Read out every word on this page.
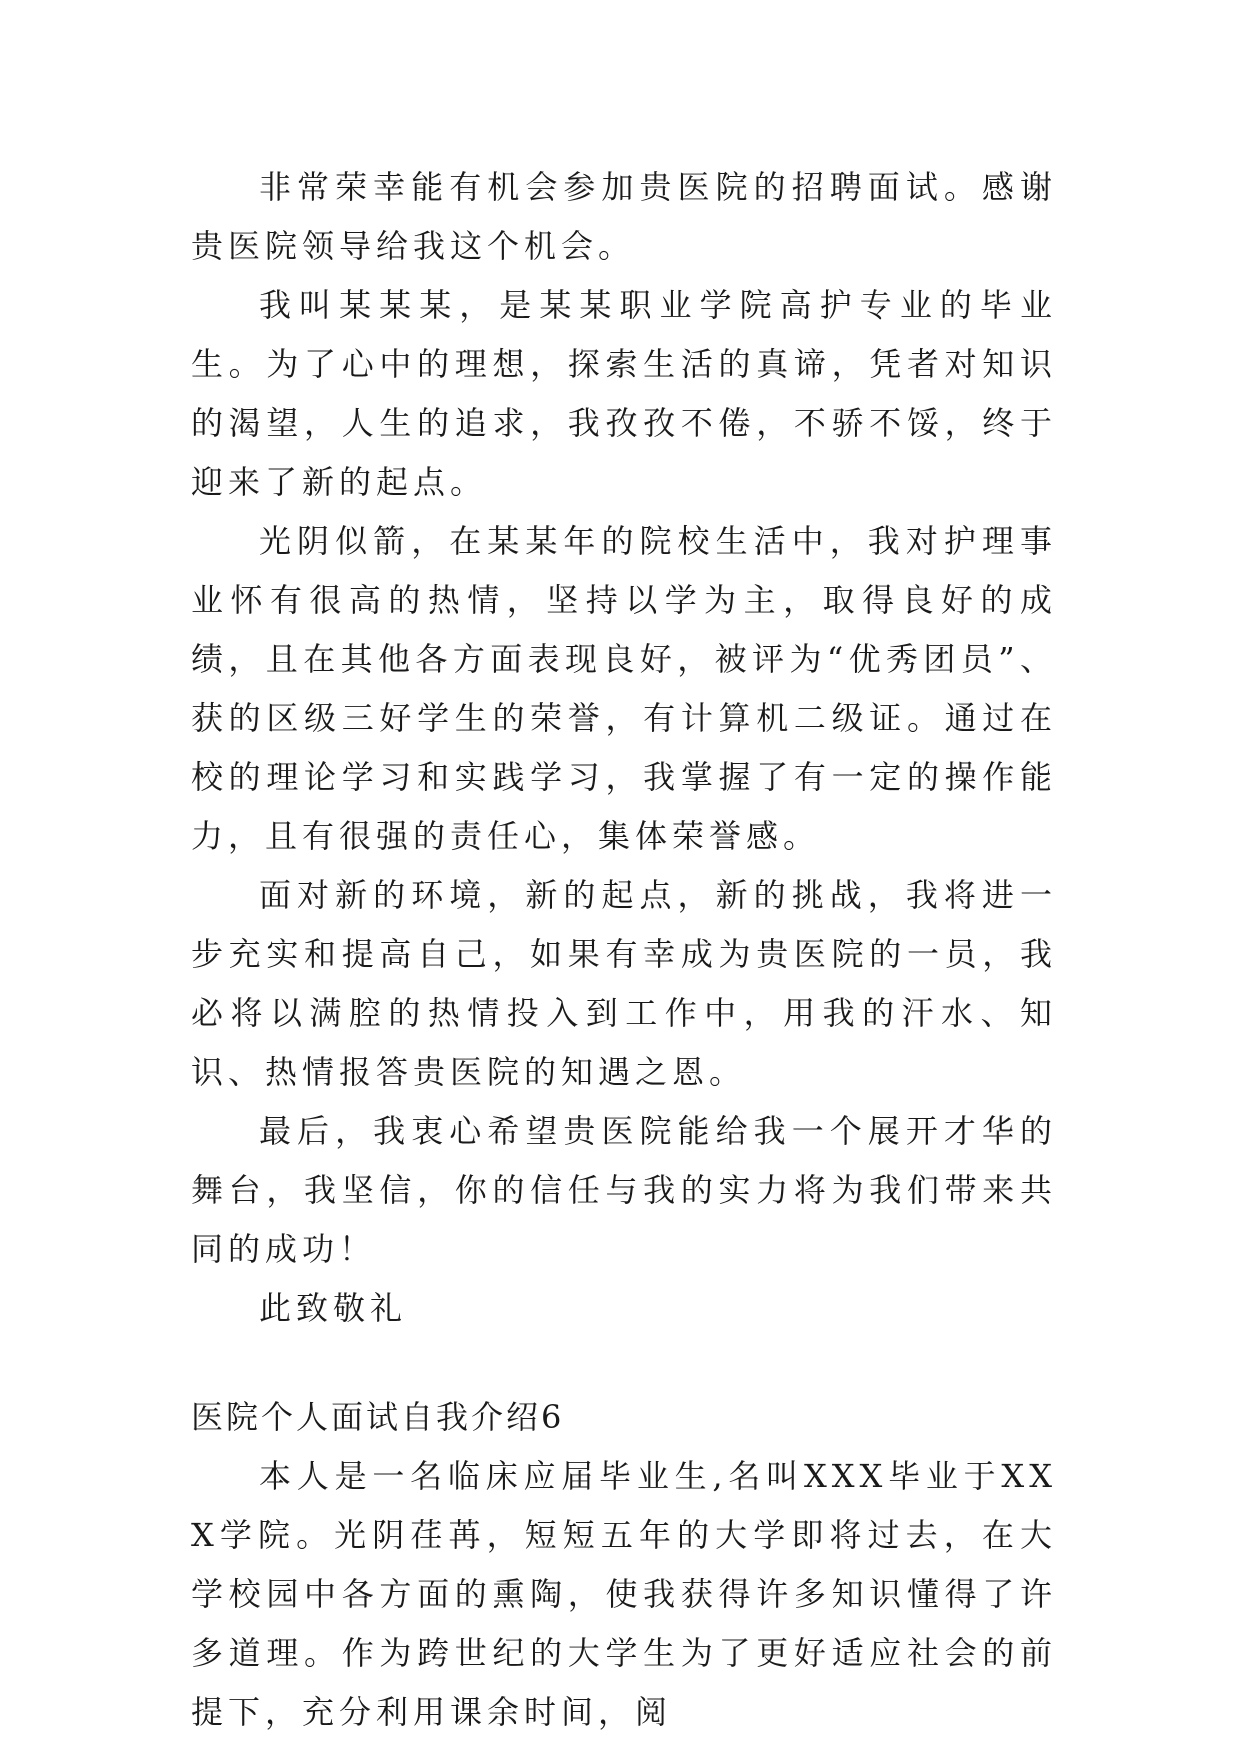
非常荣幸能有机会参加贵医院的招聘面试。感谢贵医院领导给我这个机会。

我叫某某某，是某某职业学院高护专业的毕业生。为了心中的理想，探索生活的真谛，凭者对知识的渴望，人生的追求，我孜孜不倦，不骄不馁，终于迎来了新的起点。

光阴似箭，在某某年的院校生活中，我对护理事业怀有很高的热情，坚持以学为主，取得良好的成绩，且在其他各方面表现良好，被评为“优秀团员”、获的区级三好学生的荣誉，有计算机二级证。通过在校的理论学习和实践学习，我掌握了有一定的操作能力，且有很强的责任心，集体荣誉感。

面对新的环境，新的起点，新的挑战，我将进一步充实和提高自己，如果有幸成为贵医院的一员，我必将以满腔的热情投入到工作中，用我的汗水、知识、热情报答贵医院的知遇之恩。

最后，我衷心希望贵医院能给我一个展开才华的舞台，我坚信，你的信任与我的实力将为我们带来共同的成功！

此致敬礼

医院个人面试自我介绍6

本人是一名临床应届毕业生,名叫XXX毕业于XXX学院。光阴荏苒，短短五年的大学即将过去，在大学校园中各方面的熏陶，使我获得许多知识懂得了许多道理。作为跨世纪的大学生为了更好适应社会的前提下，充分利用课余时间，阅
